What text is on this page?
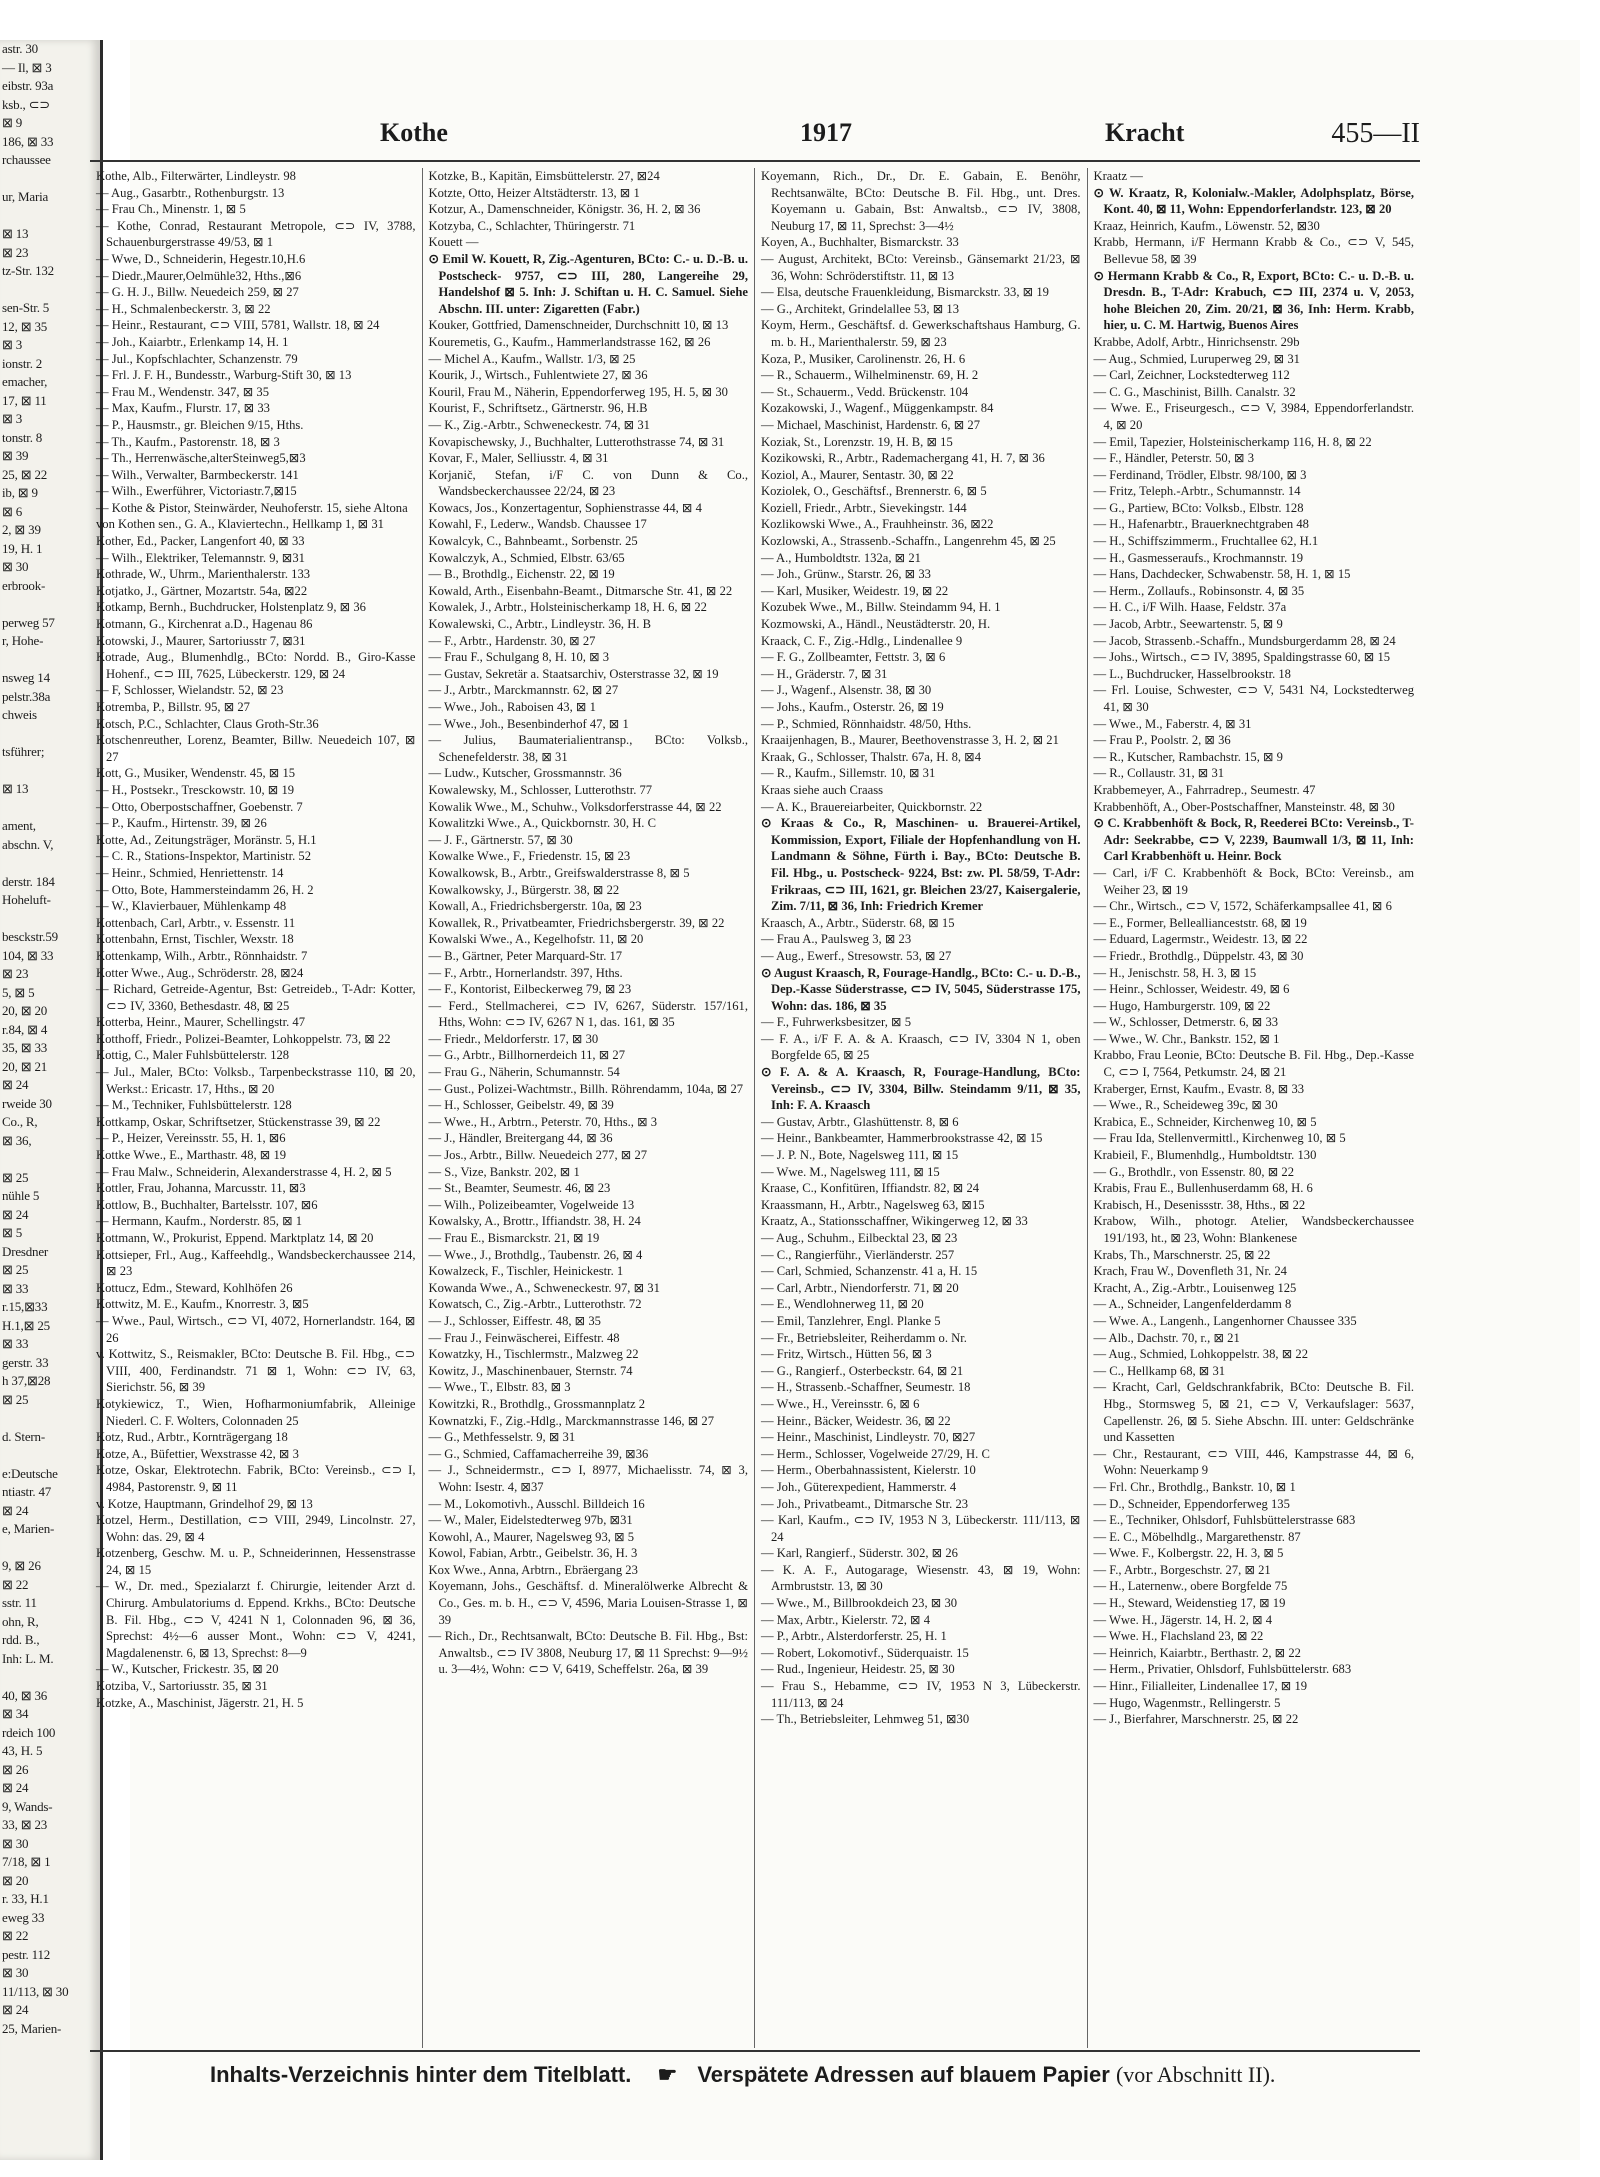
astr. 30
— Il, ⊠ 3
eibstr. 93a
ksb., ⊂⊃
⊠ 9
186, ⊠ 33
rchaussee

ur, Maria

⊠ 13
⊠ 23
tz-Str. 132

sen-Str. 5
12, ⊠ 35
⊠ 3
ionstr. 2
emacher,
17, ⊠ 11
⊠ 3
tonstr. 8
⊠ 39
25, ⊠ 22
ib, ⊠ 9
⊠ 6
2, ⊠ 39
19, H. 1
⊠ 30
erbrook-

perweg 57
r, Hohe-

nsweg 14
pelstr.38a
chweis

tsführer;

⊠ 13

ament,
abschn. V,

derstr. 184
Hoheluft-

besckstr.59
104, ⊠ 33
⊠ 23
5, ⊠ 5
20, ⊠ 20
r.84, ⊠ 4
35, ⊠ 33
20, ⊠ 21
⊠ 24
rweide 30
Co., R,
⊠ 36,

⊠ 25
nühle 5
⊠ 24
⊠ 5
Dresdner
⊠ 25
⊠ 33
r.15,⊠33
H.1,⊠ 25
⊠ 33
gerstr. 33
h 37,⊠28
⊠ 25

d. Stern-

e:Deutsche
ntiastr. 47
⊠ 24
e, Marien-

9, ⊠ 26
⊠ 22
sstr. 11
ohn, R,
rdd. B.,
Inh: L. M.

40, ⊠ 36
⊠ 34
rdeich 100
43, H. 5
⊠ 26
⊠ 24
9, Wands-
33, ⊠ 23
⊠ 30
7/18, ⊠ 1
⊠ 20
r. 33, H.1
eweg 33
⊠ 22
pestr. 112
⊠ 30
11/113, ⊠ 30
⊠ 24
25, Marien-
Kothe	1917	Kracht	455—II

Kothe, Alb., Filterwärter, Lindleystr. 98

— Aug., Gasarbtr., Rothenburgstr. 13

— Frau Ch., Minenstr. 1, ⊠ 5

— Kothe, Conrad, Restaurant Metropole, ⊂⊃ IV, 3788, Schauenburgerstrasse 49/53, ⊠ 1

— Wwe, D., Schneiderin, Hegestr.10,H.6

— Diedr.,Maurer,Oelmühle32, Hths.,⊠6

— G. H. J., Billw. Neuedeich 259, ⊠ 27

— H., Schmalenbeckerstr. 3, ⊠ 22

— Heinr., Restaurant, ⊂⊃ VIII, 5781, Wallstr. 18, ⊠ 24

— Joh., Kaiarbtr., Erlenkamp 14, H. 1

— Jul., Kopfschlachter, Schanzenstr. 79

— Frl. J. F. H., Bundesstr., Warburg-Stift 30, ⊠ 13

— Frau M., Wendenstr. 347, ⊠ 35

— Max, Kaufm., Flurstr. 17, ⊠ 33

— P., Hausmstr., gr. Bleichen 9/15, Hths.

— Th., Kaufm., Pastorenstr. 18, ⊠ 3

— Th., Herrenwäsche,alterSteinweg5,⊠3

— Wilh., Verwalter, Barmbeckerstr. 141

— Wilh., Ewerführer, Victoriastr.7,⊠15

— Kothe & Pistor, Steinwärder, Neuhoferstr. 15, siehe Altona

von Kothen sen., G. A., Klaviertechn., Hellkamp 1, ⊠ 31

Kother, Ed., Packer, Langenfort 40, ⊠ 33

— Wilh., Elektriker, Telemannstr. 9, ⊠31

Kothrade, W., Uhrm., Marienthalerstr. 133

Kotjatko, J., Gärtner, Mozartstr. 54a, ⊠22

Kotkamp, Bernh., Buchdrucker, Holstenplatz 9, ⊠ 36

Kotmann, G., Kirchenrat a.D., Hagenau 86

Kotowski, J., Maurer, Sartoriusstr 7, ⊠31

Kotrade, Aug., Blumenhdlg., BCto: Nordd. B., Giro-Kasse Hohenf., ⊂⊃ III, 7625, Lübeckerstr. 129, ⊠ 24

— F, Schlosser, Wielandstr. 52, ⊠ 23

Kotremba, P., Billstr. 95, ⊠ 27

Kotsch, P.C., Schlachter, Claus Groth-Str.36

Kotschenreuther, Lorenz, Beamter, Billw. Neuedeich 107, ⊠ 27

Kott, G., Musiker, Wendenstr. 45, ⊠ 15

— H., Postsekr., Tresckowstr. 10, ⊠ 19

— Otto, Oberpostschaffner, Goebenstr. 7

— P., Kaufm., Hirtenstr. 39, ⊠ 26

Kotte, Ad., Zeitungsträger, Moränstr. 5, H.1

— C. R., Stations-Inspektor, Martinistr. 52

— Heinr., Schmied, Henriettenstr. 14

— Otto, Bote, Hammersteindamm 26, H. 2

— W., Klavierbauer, Mühlenkamp 48

Kottenbach, Carl, Arbtr., v. Essenstr. 11

Kottenbahn, Ernst, Tischler, Wexstr. 18

Kottenkamp, Wilh., Arbtr., Rönnhaidstr. 7

Kotter Wwe., Aug., Schröderstr. 28, ⊠24

— Richard, Getreide-Agentur, Bst: Getreideb., T-Adr: Kotter, ⊂⊃ IV, 3360, Bethesdastr. 48, ⊠ 25

Kotterba, Heinr., Maurer, Schellingstr. 47

Kotthoff, Friedr., Polizei-Beamter, Lohkoppelstr. 73, ⊠ 22

Kottig, C., Maler Fuhlsbüttelerstr. 128

— Jul., Maler, BCto: Volksb., Tarpenbeckstrasse 110, ⊠ 20, Werkst.: Ericastr. 17, Hths., ⊠ 20

— M., Techniker, Fuhlsbüttelerstr. 128

Kottkamp, Oskar, Schriftsetzer, Stückenstrasse 39, ⊠ 22

— P., Heizer, Vereinsstr. 55, H. 1, ⊠6

Kottke Wwe., E., Marthastr. 48, ⊠ 19

— Frau Malw., Schneiderin, Alexanderstrasse 4, H. 2, ⊠ 5

Kottler, Frau, Johanna, Marcusstr. 11, ⊠3

Kottlow, B., Buchhalter, Bartelsstr. 107, ⊠6

— Hermann, Kaufm., Norderstr. 85, ⊠ 1

Kottmann, W., Prokurist, Eppend. Marktplatz 14, ⊠ 20

Kottsieper, Frl., Aug., Kaffeehdlg., Wandsbeckerchaussee 214, ⊠ 23

Kottucz, Edm., Steward, Kohlhöfen 26

Kottwitz, M. E., Kaufm., Knorrestr. 3, ⊠5

— Wwe., Paul, Wirtsch., ⊂⊃ VI, 4072, Hornerlandstr. 164, ⊠ 26

v. Kottwitz, S., Reismakler, BCto: Deutsche B. Fil. Hbg., ⊂⊃ VIII, 400, Ferdinandstr. 71 ⊠ 1, Wohn: ⊂⊃ IV, 63, Sierichstr. 56, ⊠ 39

Kotykiewicz, T., Wien, Hofharmoniumfabrik, Alleinige Niederl. C. F. Wolters, Colonnaden 25

Kotz, Rud., Arbtr., Kornträgergang 18

Kotze, A., Büfettier, Wexstrasse 42, ⊠ 3

Kotze, Oskar, Elektrotechn. Fabrik, BCto: Vereinsb., ⊂⊃ I, 4984, Pastorenstr. 9, ⊠ 11

v. Kotze, Hauptmann, Grindelhof 29, ⊠ 13

Kotzel, Herm., Destillation, ⊂⊃ VIII, 2949, Lincolnstr. 27, Wohn: das. 29, ⊠ 4

Kotzenberg, Geschw. M. u. P., Schneiderinnen, Hessenstrasse 24, ⊠ 15

— W., Dr. med., Spezialarzt f. Chirurgie, leitender Arzt d. Chirurg. Ambulatoriums d. Eppend. Krkhs., BCto: Deutsche B. Fil. Hbg., ⊂⊃ V, 4241 N 1, Colonnaden 96, ⊠ 36, Sprechst: 4½—6 ausser Mont., Wohn: ⊂⊃ V, 4241, Magdalenenstr. 6, ⊠ 13, Sprechst: 8—9

— W., Kutscher, Frickestr. 35, ⊠ 20

Kotziba, V., Sartoriusstr. 35, ⊠ 31

Kotzke, A., Maschinist, Jägerstr. 21, H. 5

Kotzke, B., Kapitän, Eimsbüttelerstr. 27, ⊠24

Kotzte, Otto, Heizer Altstädterstr. 13, ⊠ 1

Kotzur, A., Damenschneider, Königstr. 36, H. 2, ⊠ 36

Kotzyba, C., Schlachter, Thüringerstr. 71

Kouett —

⊙ Emil W. Kouett, R, Zig.-Agenturen, BCto: C.- u. D.-B. u. Postscheck- 9757, ⊂⊃ III, 280, Langereihe 29, Handelshof ⊠ 5. Inh: J. Schiftan u. H. C. Samuel. Siehe Abschn. III. unter: Zigaretten (Fabr.)

Kouker, Gottfried, Damenschneider, Durchschnitt 10, ⊠ 13

Kouremetis, G., Kaufm., Hammerlandstrasse 162, ⊠ 26

— Michel A., Kaufm., Wallstr. 1/3, ⊠ 25

Kourik, J., Wirtsch., Fuhlentwiete 27, ⊠ 36

Kouril, Frau M., Näherin, Eppendorferweg 195, H. 5, ⊠ 30

Kourist, F., Schriftsetz., Gärtnerstr. 96, H.B

— K., Zig.-Arbtr., Schweneckestr. 74, ⊠ 31

Kovapischewsky, J., Buchhalter, Lutterothstrasse 74, ⊠ 31

Kovar, F., Maler, Selliusstr. 4, ⊠ 31

Korjanič, Stefan, i/F C. von Dunn & Co., Wandsbeckerchaussee 22/24, ⊠ 23

Kowacs, Jos., Konzertagentur, Sophienstrasse 44, ⊠ 4

Kowahl, F., Lederw., Wandsb. Chaussee 17

Kowalcyk, C., Bahnbeamt., Sorbenstr. 25

Kowalczyk, A., Schmied, Elbstr. 63/65

— B., Brothdlg., Eichenstr. 22, ⊠ 19

Kowald, Arth., Eisenbahn-Beamt., Ditmarsche Str. 41, ⊠ 22

Kowalek, J., Arbtr., Holsteinischerkamp 18, H. 6, ⊠ 22

Kowalewski, C., Arbtr., Lindleystr. 36, H. B

— F., Arbtr., Hardenstr. 30, ⊠ 27

— Frau F., Schulgang 8, H. 10, ⊠ 3

— Gustav, Sekretär a. Staatsarchiv, Osterstrasse 32, ⊠ 19

— J., Arbtr., Marckmannstr. 62, ⊠ 27

— Wwe., Joh., Raboisen 43, ⊠ 1

— Wwe., Joh., Besenbinderhof 47, ⊠ 1

— Julius, Baumaterialientransp., BCto: Volksb., Schenefelderstr. 38, ⊠ 31

— Ludw., Kutscher, Grossmannstr. 36

Kowalewsky, M., Schlosser, Lutterothstr. 77

Kowalik Wwe., M., Schuhw., Volksdorferstrasse 44, ⊠ 22

Kowalitzki Wwe., A., Quickbornstr. 30, H. C

— J. F., Gärtnerstr. 57, ⊠ 30

Kowalke Wwe., F., Friedenstr. 15, ⊠ 23

Kowalkowsk, B., Arbtr., Greifswalderstrasse 8, ⊠ 5

Kowalkowsky, J., Bürgerstr. 38, ⊠ 22

Kowall, A., Friedrichsbergerstr. 10a, ⊠ 23

Kowallek, R., Privatbeamter, Friedrichsbergerstr. 39, ⊠ 22

Kowalski Wwe., A., Kegelhofstr. 11, ⊠ 20

— B., Gärtner, Peter Marquard-Str. 17

— F., Arbtr., Hornerlandstr. 397, Hths.

— F., Kontorist, Eilbeckerweg 79, ⊠ 23

— Ferd., Stellmacherei, ⊂⊃ IV, 6267, Süderstr. 157/161, Hths, Wohn: ⊂⊃ IV, 6267 N 1, das. 161, ⊠ 35

— Friedr., Meldorferstr. 17, ⊠ 30

— G., Arbtr., Billhornerdeich 11, ⊠ 27

— Frau G., Näherin, Schumannstr. 54

— Gust., Polizei-Wachtmstr., Billh. Röhrendamm, 104a, ⊠ 27

— H., Schlosser, Geibelstr. 49, ⊠ 39

— Wwe., H., Arbtrn., Peterstr. 70, Hths., ⊠ 3

— J., Händler, Breitergang 44, ⊠ 36

— Jos., Arbtr., Billw. Neuedeich 277, ⊠ 27

— S., Vize, Bankstr. 202, ⊠ 1

— St., Beamter, Seumestr. 46, ⊠ 23

— Wilh., Polizeibeamter, Vogelweide 13

Kowalsky, A., Brottr., Iffiandstr. 38, H. 24

— Frau E., Bismarckstr. 21, ⊠ 19

— Wwe., J., Brothdlg., Taubenstr. 26, ⊠ 4

Kowalzeck, F., Tischler, Heinickestr. 1

Kowanda Wwe., A., Schweneckestr. 97, ⊠ 31

Kowatsch, C., Zig.-Arbtr., Lutterothstr. 72

— J., Schlosser, Eiffestr. 48, ⊠ 35

— Frau J., Feinwäscherei, Eiffestr. 48

Kowatzky, H., Tischlermstr., Malzweg 22

Kowitz, J., Maschinenbauer, Sternstr. 74

— Wwe., T., Elbstr. 83, ⊠ 3

Kowitzki, R., Brothdlg., Grossmannplatz 2

Kownatzki, F., Zig.-Hdlg., Marckmannstrasse 146, ⊠ 27

— G., Methfesselstr. 9, ⊠ 31

— G., Schmied, Caffamacherreihe 39, ⊠36

— J., Schneidermstr., ⊂⊃ I, 8977, Michaelisstr. 74, ⊠ 3, Wohn: Isestr. 4, ⊠37

— M., Lokomotivh., Ausschl. Billdeich 16

— W., Maler, Eidelstedterweg 97b, ⊠31

Kowohl, A., Maurer, Nagelsweg 93, ⊠ 5

Kowol, Fabian, Arbtr., Geibelstr. 36, H. 3

Kox Wwe., Anna, Arbtrn., Ebräergang 23

Koyemann, Johs., Geschäftsf. d. Mineralölwerke Albrecht & Co., Ges. m. b. H., ⊂⊃ V, 4596, Maria Louisen-Strasse 1, ⊠ 39

— Rich., Dr., Rechtsanwalt, BCto: Deutsche B. Fil. Hbg., Bst: Anwaltsb., ⊂⊃ IV 3808, Neuburg 17, ⊠ 11 Sprechst: 9—9½ u. 3—4½, Wohn: ⊂⊃ V, 6419, Scheffelstr. 26a, ⊠ 39

Koyemann, Rich., Dr., Dr. E. Gabain, E. Benöhr, Rechtsanwälte, BCto: Deutsche B. Fil. Hbg., unt. Dres. Koyemann u. Gabain, Bst: Anwaltsb., ⊂⊃ IV, 3808, Neuburg 17, ⊠ 11, Sprechst: 3—4½

Koyen, A., Buchhalter, Bismarckstr. 33

— August, Architekt, BCto: Vereinsb., Gänsemarkt 21/23, ⊠ 36, Wohn: Schröderstiftstr. 11, ⊠ 13

— Elsa, deutsche Frauenkleidung, Bismarckstr. 33, ⊠ 19

— G., Architekt, Grindelallee 53, ⊠ 13

Koym, Herm., Geschäftsf. d. Gewerkschaftshaus Hamburg, G. m. b. H., Marienthalerstr. 59, ⊠ 23

Koza, P., Musiker, Carolinenstr. 26, H. 6

— R., Schauerm., Wilhelminenstr. 69, H. 2

— St., Schauerm., Vedd. Brückenstr. 104

Kozakowski, J., Wagenf., Müggenkampstr. 84

— Michael, Maschinist, Hardenstr. 6, ⊠ 27

Koziak, St., Lorenzstr. 19, H. B, ⊠ 15

Kozikowski, R., Arbtr., Rademachergang 41, H. 7, ⊠ 36

Koziol, A., Maurer, Sentastr. 30, ⊠ 22

Koziolek, O., Geschäftsf., Brennerstr. 6, ⊠ 5

Koziell, Friedr., Arbtr., Sievekingstr. 144

Kozlikowski Wwe., A., Frauhheinstr. 36, ⊠22

Kozlowski, A., Strassenb.-Schaffn., Langenrehm 45, ⊠ 25

— A., Humboldtstr. 132a, ⊠ 21

— Joh., Grünw., Starstr. 26, ⊠ 33

— Karl, Musiker, Weidestr. 19, ⊠ 22

Kozubek Wwe., M., Billw. Steindamm 94, H. 1

Kozmowski, A., Händl., Neustädterstr. 20, H.

Kraack, C. F., Zig.-Hdlg., Lindenallee 9

— F. G., Zollbeamter, Fettstr. 3, ⊠ 6

— H., Gräderstr. 7, ⊠ 31

— J., Wagenf., Alsenstr. 38, ⊠ 30

— Johs., Kaufm., Osterstr. 26, ⊠ 19

— P., Schmied, Rönnhaidstr. 48/50, Hths.

Kraaijenhagen, B., Maurer, Beethovenstrasse 3, H. 2, ⊠ 21

Kraak, G., Schlosser, Thalstr. 67a, H. 8, ⊠4

— R., Kaufm., Sillemstr. 10, ⊠ 31

Kraas siehe auch Craass

— A. K., Brauereiarbeiter, Quickbornstr. 22

⊙ Kraas & Co., R, Maschinen- u. Brauerei-Artikel, Kommission, Export, Filiale der Hopfenhandlung von H. Landmann & Söhne, Fürth i. Bay., BCto: Deutsche B. Fil. Hbg., u. Postscheck- 9224, Bst: zw. Pl. 58/59, T-Adr: Frikraas, ⊂⊃ III, 1621, gr. Bleichen 23/27, Kaisergalerie, Zim. 7/11, ⊠ 36, Inh: Friedrich Kremer

Kraasch, A., Arbtr., Süderstr. 68, ⊠ 15

— Frau A., Paulsweg 3, ⊠ 23

— Aug., Ewerf., Stresowstr. 53, ⊠ 27

⊙ August Kraasch, R, Fourage-Handlg., BCto: C.- u. D.-B., Dep.-Kasse Süderstrasse, ⊂⊃ IV, 5045, Süderstrasse 175, Wohn: das. 186, ⊠ 35

— F., Fuhrwerksbesitzer, ⊠ 5

— F. A., i/F F. A. & A. Kraasch, ⊂⊃ IV, 3304 N 1, oben Borgfelde 65, ⊠ 25

⊙ F. A. & A. Kraasch, R, Fourage-Handlung, BCto: Vereinsb., ⊂⊃ IV, 3304, Billw. Steindamm 9/11, ⊠ 35, Inh: F. A. Kraasch

— Gustav, Arbtr., Glashüttenstr. 8, ⊠ 6

— Heinr., Bankbeamter, Hammerbrookstrasse 42, ⊠ 15

— J. P. N., Bote, Nagelsweg 111, ⊠ 15

— Wwe. M., Nagelsweg 111, ⊠ 15

Kraase, C., Konfitüren, Iffiandstr. 82, ⊠ 24

Kraassmann, H., Arbtr., Nagelsweg 63, ⊠15

Kraatz, A., Stationsschaffner, Wikingerweg 12, ⊠ 33

— Aug., Schuhm., Eilbecktal 23, ⊠ 23

— C., Rangierführ., Vierländerstr. 257

— Carl, Schmied, Schanzenstr. 41 a, H. 15

— Carl, Arbtr., Niendorferstr. 71, ⊠ 20

— E., Wendlohnerweg 11, ⊠ 20

— Emil, Tanzlehrer, Engl. Planke 5

— Fr., Betriebsleiter, Reiherdamm o. Nr.

— Fritz, Wirtsch., Hütten 56, ⊠ 3

— G., Rangierf., Osterbeckstr. 64, ⊠ 21

— H., Strassenb.-Schaffner, Seumestr. 18

— Wwe., H., Vereinsstr. 6, ⊠ 6

— Heinr., Bäcker, Weidestr. 36, ⊠ 22

— Heinr., Maschinist, Lindleystr. 70, ⊠27

— Herm., Schlosser, Vogelweide 27/29, H. C

— Herm., Oberbahnassistent, Kielerstr. 10

— Joh., Güterexpedient, Hammerstr. 4

— Joh., Privatbeamt., Ditmarsche Str. 23

— Karl, Kaufm., ⊂⊃ IV, 1953 N 3, Lübeckerstr. 111/113, ⊠ 24

— Karl, Rangierf., Süderstr. 302, ⊠ 26

— K. A. F., Autogarage, Wiesenstr. 43, ⊠ 19, Wohn: Armbruststr. 13, ⊠ 30

— Wwe., M., Billbrookdeich 23, ⊠ 30

— Max, Arbtr., Kielerstr. 72, ⊠ 4

— P., Arbtr., Alsterdorferstr. 25, H. 1

— Robert, Lokomotivf., Süderquaistr. 15

— Rud., Ingenieur, Heidestr. 25, ⊠ 30

— Frau S., Hebamme, ⊂⊃ IV, 1953 N 3, Lübeckerstr. 111/113, ⊠ 24

— Th., Betriebsleiter, Lehmweg 51, ⊠30

Kraatz —

⊙ W. Kraatz, R, Kolonialw.-Makler, Adolphsplatz, Börse, Kont. 40, ⊠ 11, Wohn: Eppendorferlandstr. 123, ⊠ 20

Kraaz, Heinrich, Kaufm., Löwenstr. 52, ⊠30

Krabb, Hermann, i/F Hermann Krabb & Co., ⊂⊃ V, 545, Bellevue 58, ⊠ 39

⊙ Hermann Krabb & Co., R, Export, BCto: C.- u. D.-B. u. Dresdn. B., T-Adr: Krabuch, ⊂⊃ III, 2374 u. V, 2053, hohe Bleichen 20, Zim. 20/21, ⊠ 36, Inh: Herm. Krabb, hier, u. C. M. Hartwig, Buenos Aires

Krabbe, Adolf, Arbtr., Hinrichsenstr. 29b

— Aug., Schmied, Luruperweg 29, ⊠ 31

— Carl, Zeichner, Lockstedterweg 112

— C. G., Maschinist, Billh. Canalstr. 32

— Wwe. E., Friseurgesch., ⊂⊃ V, 3984, Eppendorferlandstr. 4, ⊠ 20

— Emil, Tapezier, Holsteinischerkamp 116, H. 8, ⊠ 22

— F., Händler, Peterstr. 50, ⊠ 3

— Ferdinand, Trödler, Elbstr. 98/100, ⊠ 3

— Fritz, Teleph.-Arbtr., Schumannstr. 14

— G., Partiew, BCto: Volksb., Elbstr. 128

— H., Hafenarbtr., Brauerknechtgraben 48

— H., Schiffszimmerm., Fruchtallee 62, H.1

— H., Gasmesseraufs., Krochmannstr. 19

— Hans, Dachdecker, Schwabenstr. 58, H. 1, ⊠ 15

— Herm., Zollaufs., Robinsonstr. 4, ⊠ 35

— H. C., i/F Wilh. Haase, Feldstr. 37a

— Jacob, Arbtr., Seewartenstr. 5, ⊠ 9

— Jacob, Strassenb.-Schaffn., Mundsburgerdamm 28, ⊠ 24

— Johs., Wirtsch., ⊂⊃ IV, 3895, Spaldingstrasse 60, ⊠ 15

— L., Buchdrucker, Hasselbrookstr. 18

— Frl. Louise, Schwester, ⊂⊃ V, 5431 N4, Lockstedterweg 41, ⊠ 30

— Wwe., M., Faberstr. 4, ⊠ 31

— Frau P., Poolstr. 2, ⊠ 36

— R., Kutscher, Rambachstr. 15, ⊠ 9

— R., Collaustr. 31, ⊠ 31

Krabbemeyer, A., Fahrradrep., Seumestr. 47

Krabbenhöft, A., Ober-Postschaffner, Mansteinstr. 48, ⊠ 30

⊙ C. Krabbenhöft & Bock, R, Reederei BCto: Vereinsb., T-Adr: Seekrabbe, ⊂⊃ V, 2239, Baumwall 1/3, ⊠ 11, Inh: Carl Krabbenhöft u. Heinr. Bock

— Carl, i/F C. Krabbenhöft & Bock, BCto: Vereinsb., am Weiher 23, ⊠ 19

— Chr., Wirtsch., ⊂⊃ V, 1572, Schäferkampsallee 41, ⊠ 6

— E., Former, Belleallianceststr. 68, ⊠ 19

— Eduard, Lagermstr., Weidestr. 13, ⊠ 22

— Friedr., Brothdlg., Düppelstr. 43, ⊠ 30

— H., Jenischstr. 58, H. 3, ⊠ 15

— Heinr., Schlosser, Weidestr. 49, ⊠ 6

— Hugo, Hamburgerstr. 109, ⊠ 22

— W., Schlosser, Detmerstr. 6, ⊠ 33

— Wwe., W. Chr., Bankstr. 152, ⊠ 1

Krabbo, Frau Leonie, BCto: Deutsche B. Fil. Hbg., Dep.-Kasse C, ⊂⊃ I, 7564, Petkumstr. 24, ⊠ 21

Kraberger, Ernst, Kaufm., Evastr. 8, ⊠ 33

— Wwe., R., Scheideweg 39c, ⊠ 30

Krabica, E., Schneider, Kirchenweg 10, ⊠ 5

— Frau Ida, Stellenvermittl., Kirchenweg 10, ⊠ 5

Krabieil, F., Blumenhdlg., Humboldtstr. 130

— G., Brothdlr., von Essenstr. 80, ⊠ 22

Krabis, Frau E., Bullenhuserdamm 68, H. 6

Krabisch, H., Desenissstr. 38, Hths., ⊠ 22

Krabow, Wilh., photogr. Atelier, Wandsbeckerchaussee 191/193, ht., ⊠ 23, Wohn: Blankenese

Krabs, Th., Marschnerstr. 25, ⊠ 22

Krach, Frau W., Dovenfleth 31, Nr. 24

Kracht, A., Zig.-Arbtr., Louisenweg 125

— A., Schneider, Langenfelderdamm 8

— Wwe. A., Langenh., Langenhorner Chaussee 335

— Alb., Dachstr. 70, r., ⊠ 21

— Aug., Schmied, Lohkoppelstr. 38, ⊠ 22

— C., Hellkamp 68, ⊠ 31

— Kracht, Carl, Geldschrankfabrik, BCto: Deutsche B. Fil. Hbg., Stormsweg 5, ⊠ 21, ⊂⊃ V, Verkaufslager: 5637, Capellenstr. 26, ⊠ 5. Siehe Abschn. III. unter: Geldschränke und Kassetten

— Chr., Restaurant, ⊂⊃ VIII, 446, Kampstrasse 44, ⊠ 6, Wohn: Neuerkamp 9

— Frl. Chr., Brothdlg., Bankstr. 10, ⊠ 1

— D., Schneider, Eppendorferweg 135

— E., Techniker, Ohlsdorf, Fuhlsbüttelerstrasse 683

— E. C., Möbelhdlg., Margarethenstr. 87

— Wwe. F., Kolbergstr. 22, H. 3, ⊠ 5

— F., Arbtr., Borgeschstr. 27, ⊠ 21

— H., Laternenw., obere Borgfelde 75

— H., Steward, Weidenstieg 17, ⊠ 19

— Wwe. H., Jägerstr. 14, H. 2, ⊠ 4

— Wwe. H., Flachsland 23, ⊠ 22

— Heinrich, Kaiarbtr., Berthastr. 2, ⊠ 22

— Herm., Privatier, Ohlsdorf, Fuhlsbüttelerstr. 683

— Hinr., Filialleiter, Lindenallee 17, ⊠ 19

— Hugo, Wagenmstr., Rellingerstr. 5

— J., Bierfahrer, Marschnerstr. 25, ⊠ 22

Inhalts-Verzeichnis hinter dem Titelblatt. ☛ Verspätete Adressen auf blauem Papier (vor Abschnitt II).
